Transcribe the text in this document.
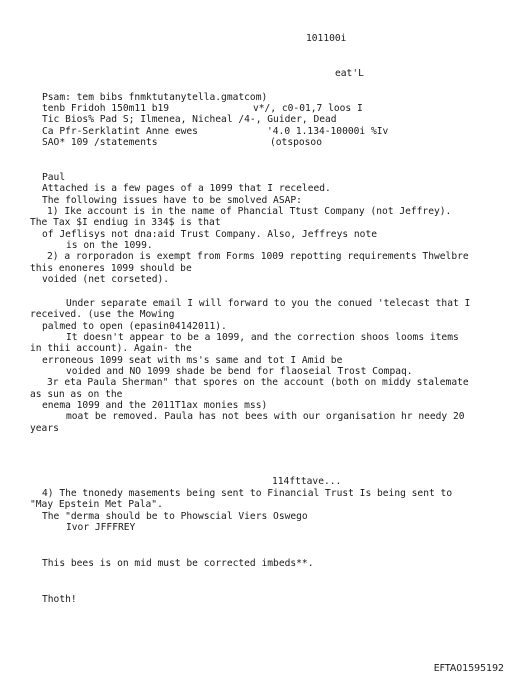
101100i
eat'L
Psam: tem bibs fnmktutanytella.gmatcom)
tenb Fridoh 150m11 b19	v*/, c0-01,7 loos I
Tic Bios% Pad S; Ilmenea, Nicheal /4-, Guider, Dead
Ca Pfr-Serklatint Anne ewes	'4.0 1.134-10000i %Iv
SAO* 109 /statements	(otsposoo
Paul
Attached is a few pages of a 1099 that I receleed.
The following issues have to be smolved ASAP:
1) Ike account is in the name of Phancial Ttust Company (not Jeffrey).
The Tax $I endiug in 334$ is that
of Jeflisys not dna:aid Trust Company. Also, Jeffreys note
is on the 1099.
2) a rorporadon is exempt from Forms 1009 repotting requirements Thwelbre
this enoneres 1099 should be
voided (net corseted).
Under separate email I will forward to you the conued 'telecast that I
received. (use the Mowing
palmed to open (epasin04142011).
It doesn't appear to be a 1099, and the correction shoos looms items
in thii account). Again- the
erroneous 1099 seat with ms's same and tot I Amid be
voided and NO 1099 shade be bend for flaoseial Trost Compaq.
3r eta Paula Sherman" that spores on the account (both on middy stalemate
as sun as on the
enema 1099 and the 2011T1ax monies mss)
moat be removed. Paula has not bees with our organisation hr needy 20
years
114fttave...
4) The tnonedy masements being sent to Financial Trust Is being sent to
"May Epstein Met Pala".
The "derma should be to Phowscial Viers Oswego
Ivor JFFFREY
This bees is on mid must be corrected imbeds**.
Thoth!
EFTA01595192
